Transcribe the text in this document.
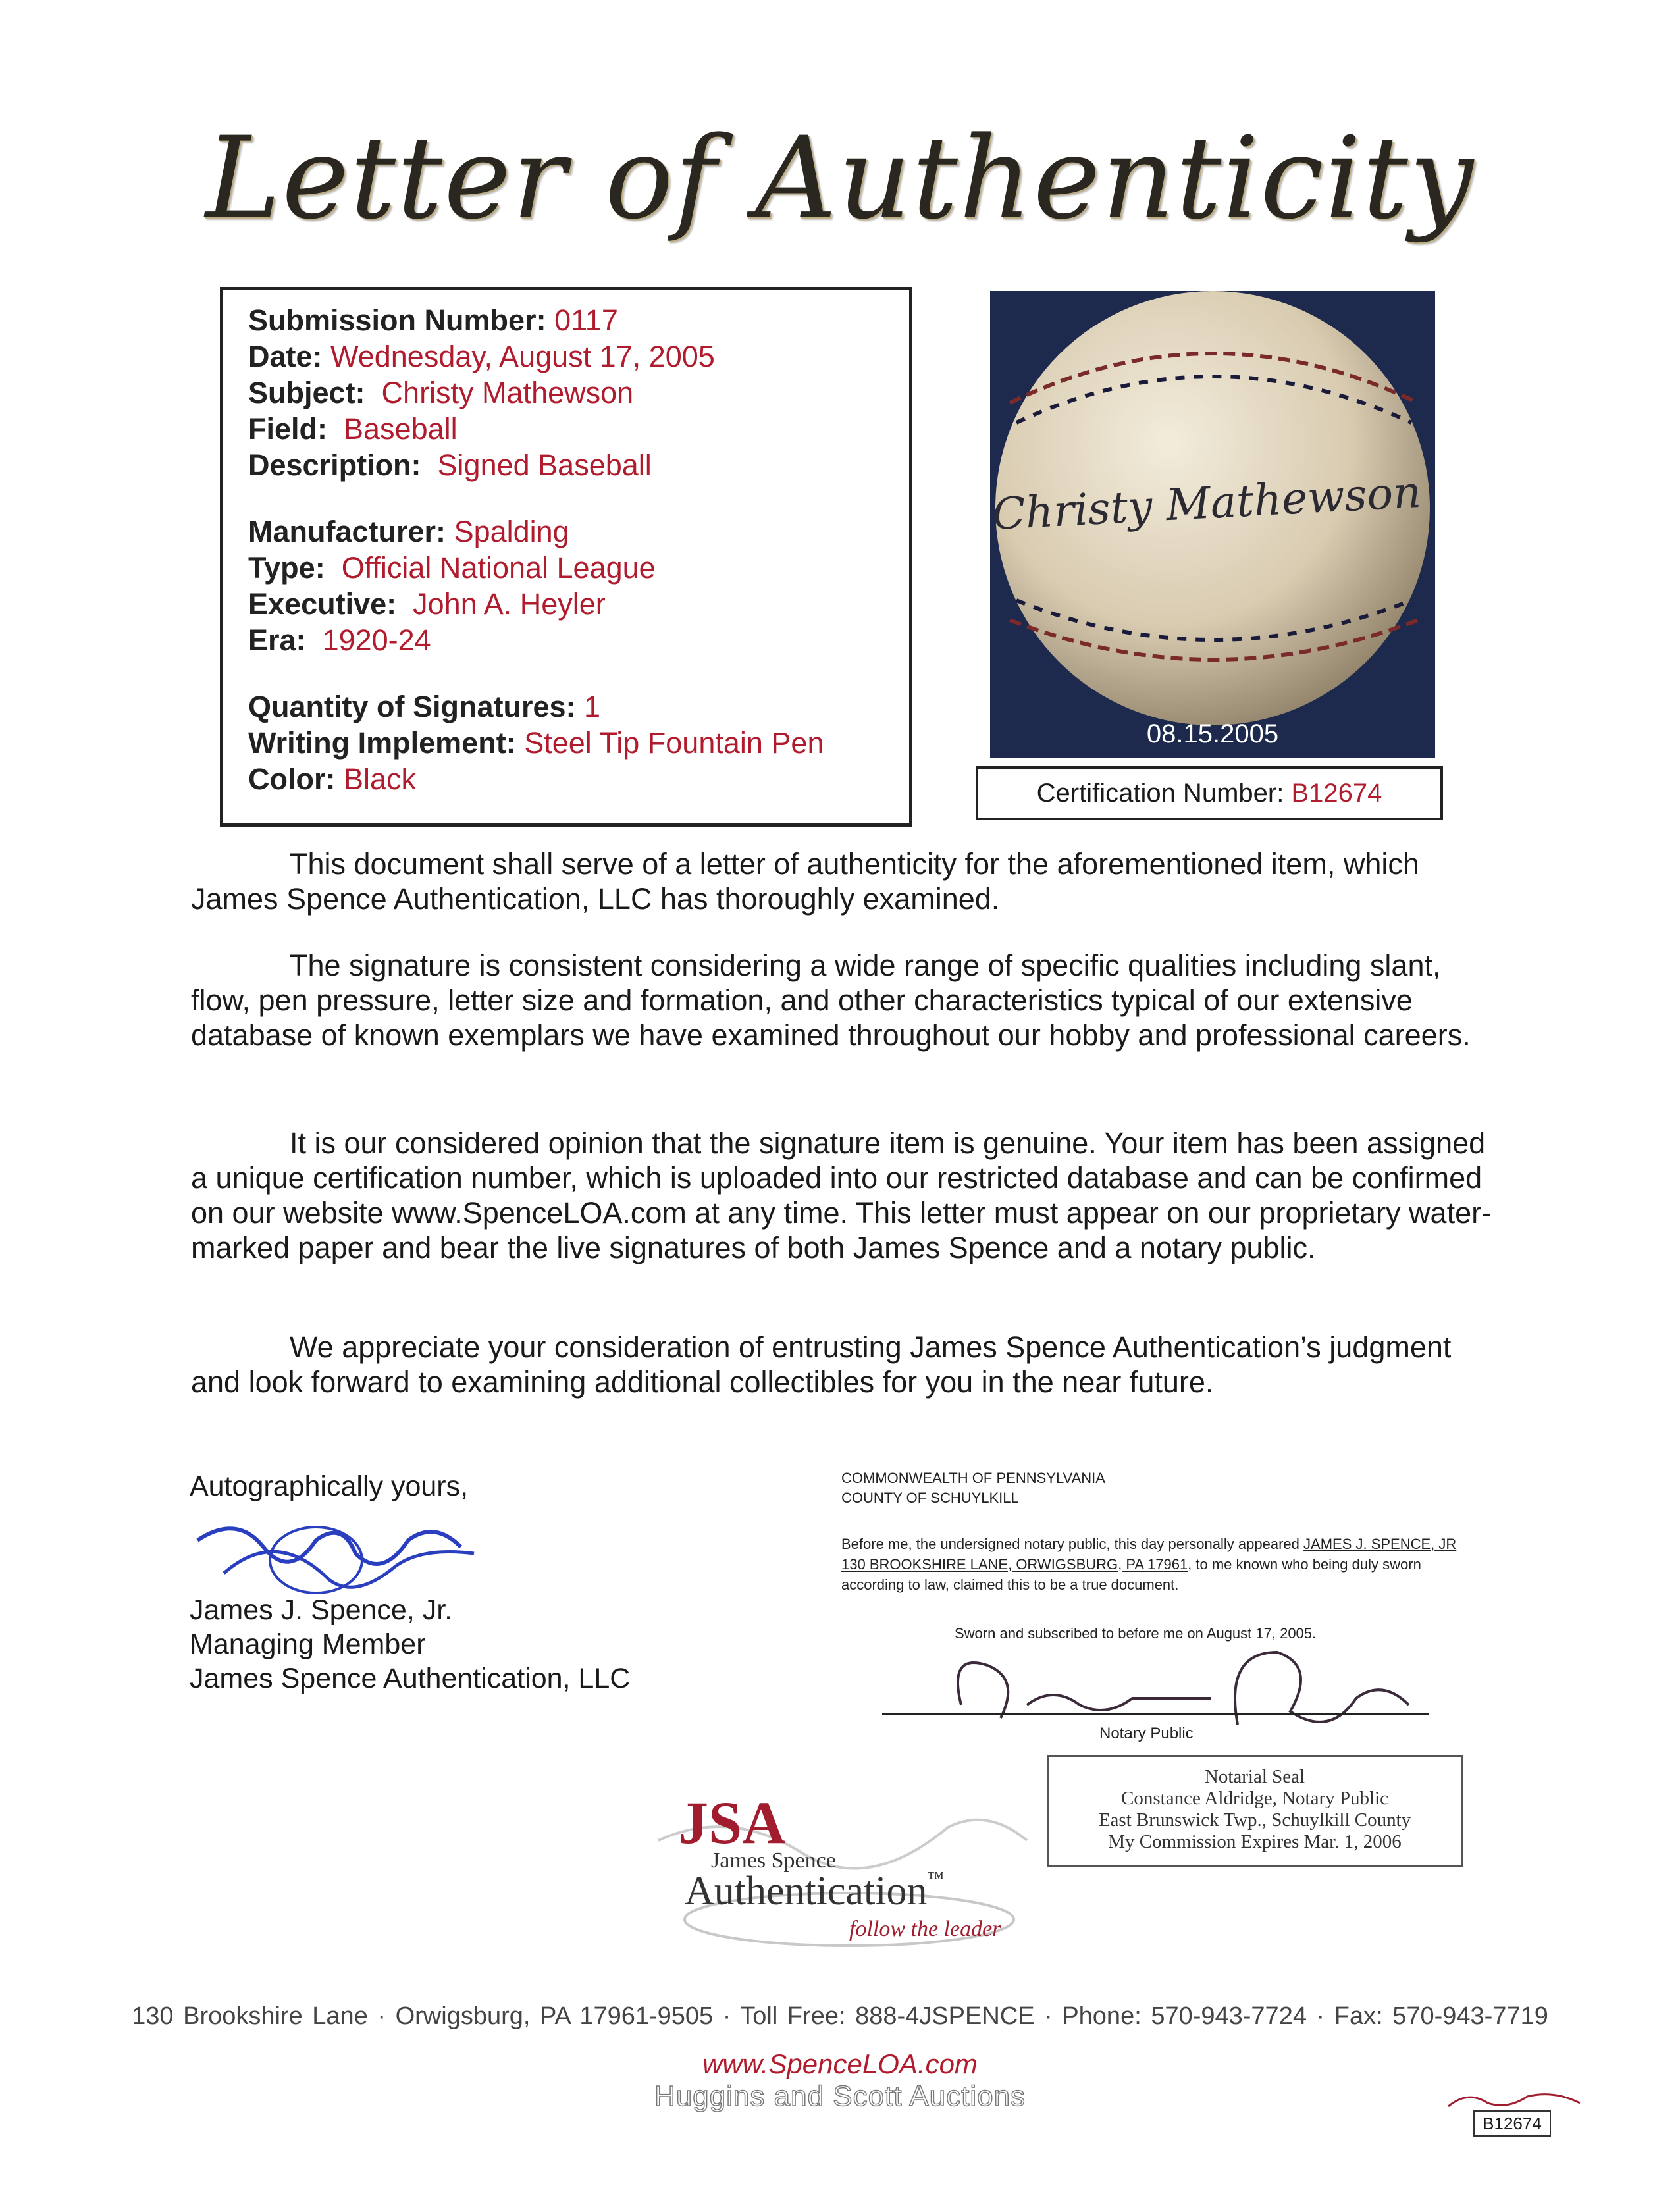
Letter of Authenticity
Submission Number: 0117
Date: Wednesday, August 17, 2005
Subject: Christy Mathewson
Field: Baseball
Description: Signed Baseball
Manufacturer: Spalding
Type: Official National League
Executive: John A. Heyler
Era: 1920-24
Quantity of Signatures: 1
Writing Implement: Steel Tip Fountain Pen
Color: Black
Christy Mathewson
08.15.2005
Certification Number: B12674

This document shall serve of a letter of authenticity for the aforementioned item, which James Spence Authentication, LLC has thoroughly examined.

The signature is consistent considering a wide range of specific qualities including slant, flow, pen pressure, letter size and formation, and other characteristics typical of our extensive database of known exemplars we have examined throughout our hobby and professional careers.

It is our considered opinion that the signature item is genuine. Your item has been assigned a unique certification number, which is uploaded into our restricted database and can be confirmed on our website www.SpenceLOA.com at any time. This letter must appear on our proprietary water-marked paper and bear the live signatures of both James Spence and a notary public.

We appreciate your consideration of entrusting James Spence Authentication’s judgment and look forward to examining additional collectibles for you in the near future.

Autographically yours,
James J. Spence, Jr.
Managing Member
James Spence Authentication, LLC
COMMONWEALTH OF PENNSYLVANIA
COUNTY OF SCHUYLKILL
Before me, the undersigned notary public, this day personally appeared JAMES J. SPENCE, JR 130 BROOKSHIRE LANE, ORWIGSBURG, PA 17961, to me known who being duly sworn according to law, claimed this to be a true document.
Sworn and subscribed to before me on August 17, 2005.
Notary Public
Notarial Seal
Constance Aldridge, Notary Public
East Brunswick Twp., Schuylkill County
My Commission Expires Mar. 1, 2006
JSA
James Spence
Authentication™
follow the leader
130 Brookshire Lane · Orwigsburg, PA 17961-9505 · Toll Free: 888-4JSPENCE · Phone: 570-943-7724 · Fax: 570-943-7719
www.SpenceLOA.com
Huggins and Scott Auctions
B12674
